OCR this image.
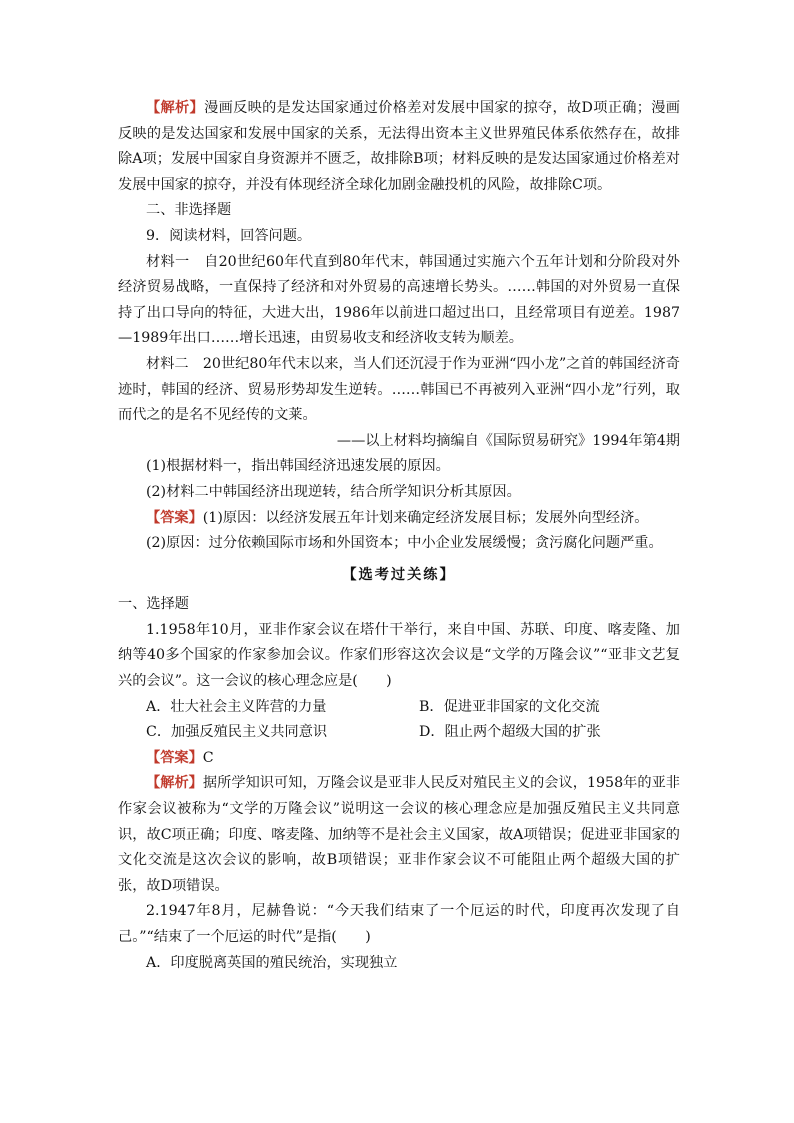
【解析】漫画反映的是发达国家通过价格差对发展中国家的掠夺，故D项正确；漫画反映的是发达国家和发展中国家的关系，无法得出资本主义世界殖民体系依然存在，故排除A项；发展中国家自身资源并不匮乏，故排除B项；材料反映的是发达国家通过价格差对发展中国家的掠夺，并没有体现经济全球化加剧金融投机的风险，故排除C项。

二、非选择题

9．阅读材料，回答问题。

材料一　自20世纪60年代直到80年代末，韩国通过实施六个五年计划和分阶段对外经济贸易战略，一直保持了经济和对外贸易的高速增长势头。……韩国的对外贸易一直保持了出口导向的特征，大进大出，1986年以前进口超过出口，且经常项目有逆差。1987—1989年出口……增长迅速，由贸易收支和经济收支转为顺差。

材料二　20世纪80年代末以来，当人们还沉浸于作为亚洲“四小龙”之首的韩国经济奇迹时，韩国的经济、贸易形势却发生逆转。……韩国已不再被列入亚洲“四小龙”行列，取而代之的是名不见经传的文莱。

——以上材料均摘编自《国际贸易研究》1994年第4期

(1)根据材料一，指出韩国经济迅速发展的原因。

(2)材料二中韩国经济出现逆转，结合所学知识分析其原因。

【答案】(1)原因：以经济发展五年计划来确定经济发展目标；发展外向型经济。

(2)原因：过分依赖国际市场和外国资本；中小企业发展缓慢；贪污腐化问题严重。

【选考过关练】

一、选择题

1.1958年10月，亚非作家会议在塔什干举行，来自中国、苏联、印度、喀麦隆、加纳等40多个国家的作家参加会议。作家们形容这次会议是“文学的万隆会议”“亚非文艺复兴的会议”。这一会议的核心理念应是(　　)

A．壮大社会主义阵营的力量	B．促进亚非国家的文化交流

C．加强反殖民主义共同意识	D．阻止两个超级大国的扩张

【答案】C

【解析】据所学知识可知，万隆会议是亚非人民反对殖民主义的会议，1958年的亚非作家会议被称为“文学的万隆会议”说明这一会议的核心理念应是加强反殖民主义共同意识，故C项正确；印度、喀麦隆、加纳等不是社会主义国家，故A项错误；促进亚非国家的文化交流是这次会议的影响，故B项错误；亚非作家会议不可能阻止两个超级大国的扩张，故D项错误。

2.1947年8月，尼赫鲁说：“今天我们结束了一个厄运的时代，印度再次发现了自己。”“结束了一个厄运的时代”是指(　　)

A．印度脱离英国的殖民统治，实现独立
